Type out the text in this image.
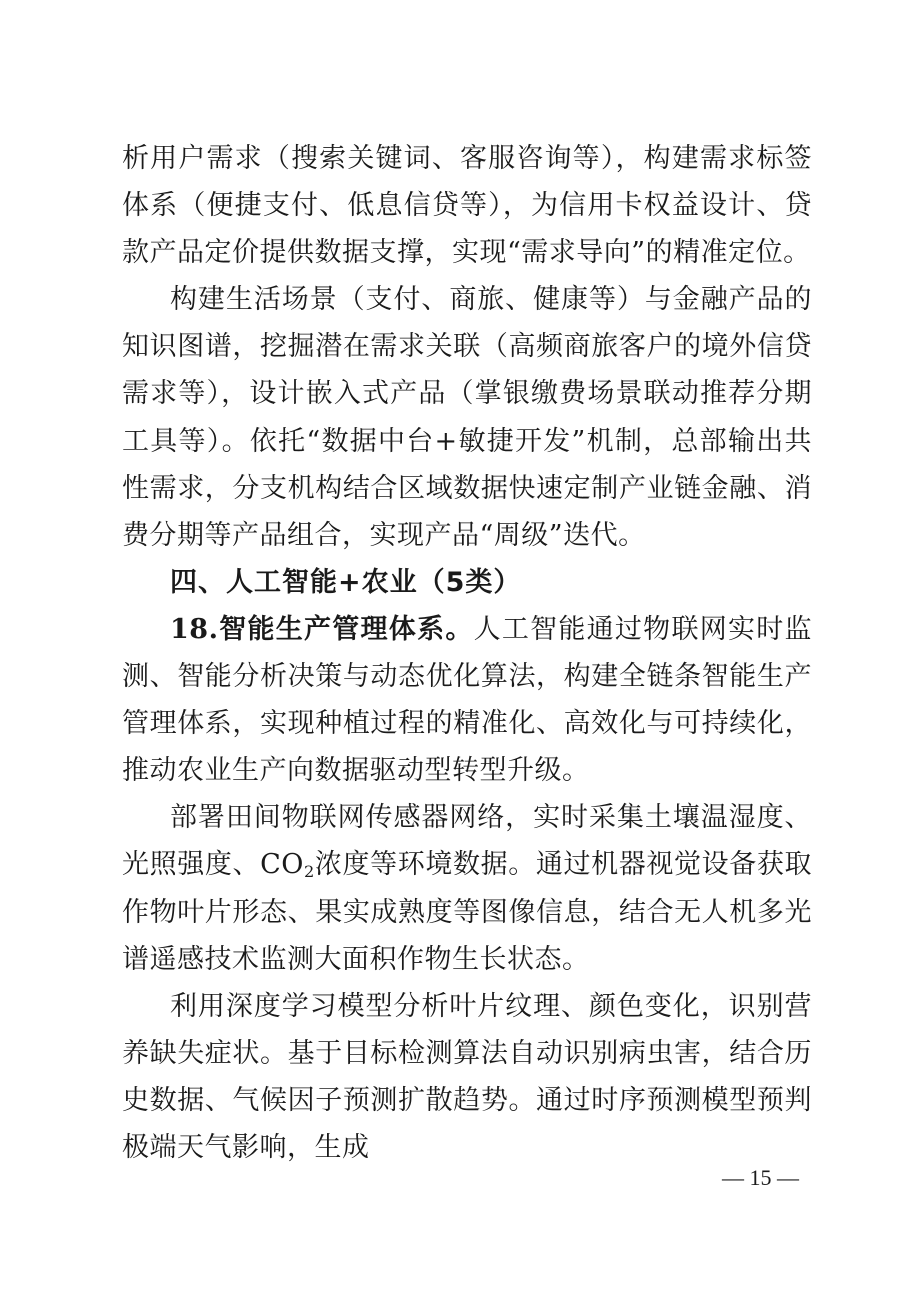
析用户需求（搜索关键词、客服咨询等），构建需求标签体系（便捷支付、低息信贷等），为信用卡权益设计、贷款产品定价提供数据支撑，实现“需求导向”的精准定位。

构建生活场景（支付、商旅、健康等）与金融产品的知识图谱，挖掘潜在需求关联（高频商旅客户的境外信贷需求等），设计嵌入式产品（掌银缴费场景联动推荐分期工具等）。依托“数据中台+敏捷开发”机制，总部输出共性需求，分支机构结合区域数据快速定制产业链金融、消费分期等产品组合，实现产品“周级”迭代。

四、人工智能+农业（5类）

18.智能生产管理体系。人工智能通过物联网实时监测、智能分析决策与动态优化算法，构建全链条智能生产管理体系，实现种植过程的精准化、高效化与可持续化，推动农业生产向数据驱动型转型升级。

部署田间物联网传感器网络，实时采集土壤温湿度、光照强度、$CO_2$浓度等环境数据。通过机器视觉设备获取作物叶片形态、果实成熟度等图像信息，结合无人机多光谱遥感技术监测大面积作物生长状态。

利用深度学习模型分析叶片纹理、颜色变化，识别营养缺失症状。基于目标检测算法自动识别病虫害，结合历史数据、气候因子预测扩散趋势。通过时序预测模型预判极端天气影响，生成

— 15 —
